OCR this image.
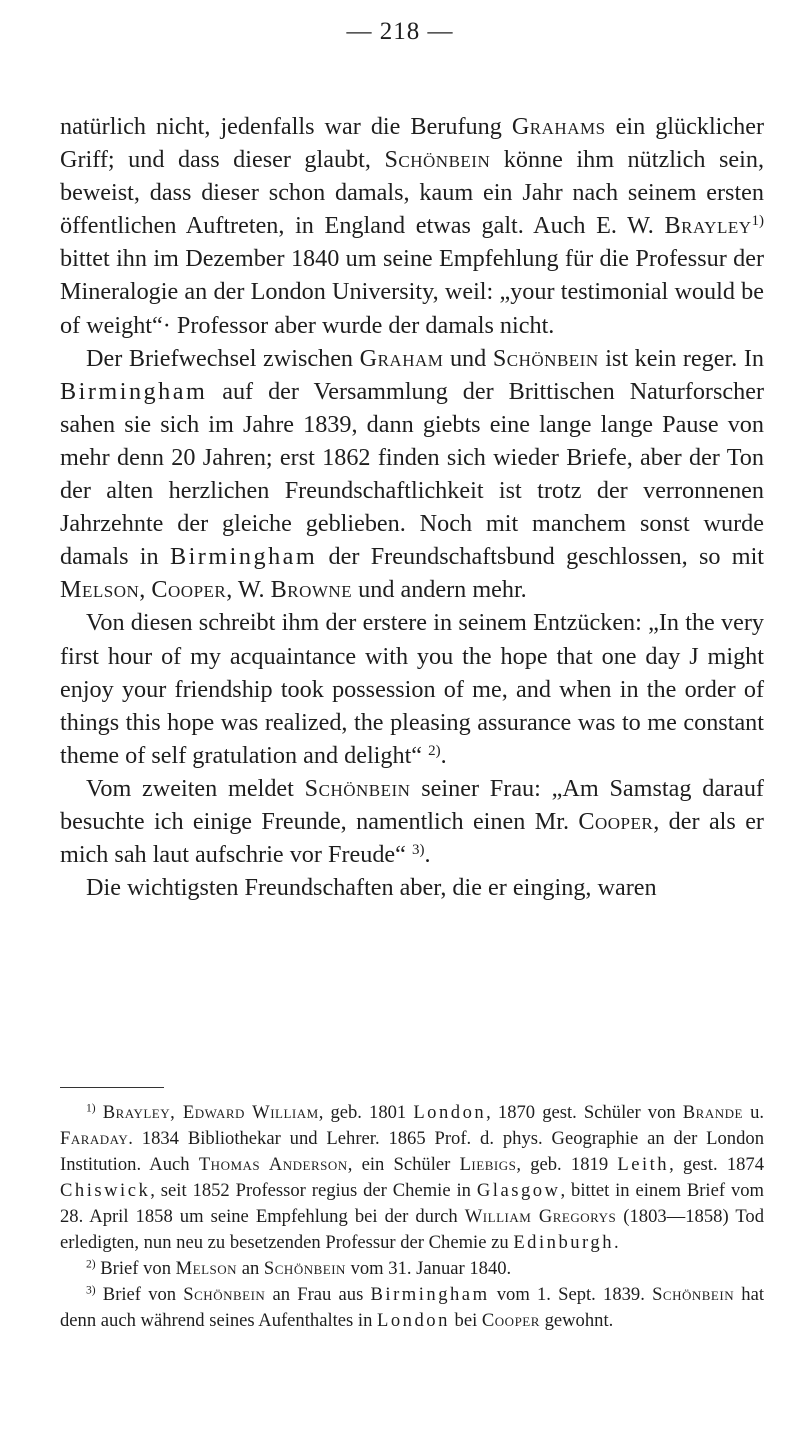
— 218 —

natürlich nicht, jedenfalls war die Berufung Grahams ein glücklicher Griff; und dass dieser glaubt, Schönbein könne ihm nützlich sein, beweist, dass dieser schon damals, kaum ein Jahr nach seinem ersten öffentlichen Auftreten, in England etwas galt. Auch E. W. Brayley$^{1)}$ bittet ihn im Dezember 1840 um seine Empfehlung für die Professur der Mineralogie an der London University, weil: „your testimonial would be of weight“· Professor aber wurde der damals nicht.

Der Briefwechsel zwischen Graham und Schönbein ist kein reger. In Birmingham auf der Versammlung der Brittischen Naturforscher sahen sie sich im Jahre 1839, dann giebts eine lange lange Pause von mehr denn 20 Jahren; erst 1862 finden sich wieder Briefe, aber der Ton der alten herzlichen Freundschaftlichkeit ist trotz der verronnenen Jahrzehnte der gleiche geblieben. Noch mit manchem sonst wurde damals in Birmingham der Freundschaftsbund geschlossen, so mit Melson, Cooper, W. Browne und andern mehr.

Von diesen schreibt ihm der erstere in seinem Entzücken: „In the very first hour of my acquaintance with you the hope that one day J might enjoy your friendship took possession of me, and when in the order of things this hope was realized, the pleasing assurance was to me constant theme of self gratulation and delight“ $^{2)}$.

Vom zweiten meldet Schönbein seiner Frau: „Am Samstag darauf besuchte ich einige Freunde, namentlich einen Mr. Cooper, der als er mich sah laut aufschrie vor Freude“ $^{3)}$.

Die wichtigsten Freundschaften aber, die er einging, waren

$^{1)}$ Brayley, Edward William, geb. 1801 London, 1870 gest. Schüler von Brande u. Faraday. 1834 Bibliothekar und Lehrer. 1865 Prof. d. phys. Geographie an der London Institution. Auch Thomas Anderson, ein Schüler Liebigs, geb. 1819 Leith, gest. 1874 Chiswick, seit 1852 Professor regius der Chemie in Glasgow, bittet in einem Brief vom 28. April 1858 um seine Empfehlung bei der durch William Gregorys (1803—1858) Tod erledigten, nun neu zu besetzenden Professur der Chemie zu Edinburgh.

$^{2)}$ Brief von Melson an Schönbein vom 31. Januar 1840.

$^{3)}$ Brief von Schönbein an Frau aus Birmingham vom 1. Sept. 1839. Schönbein hat denn auch während seines Aufenthaltes in London bei Cooper gewohnt.
